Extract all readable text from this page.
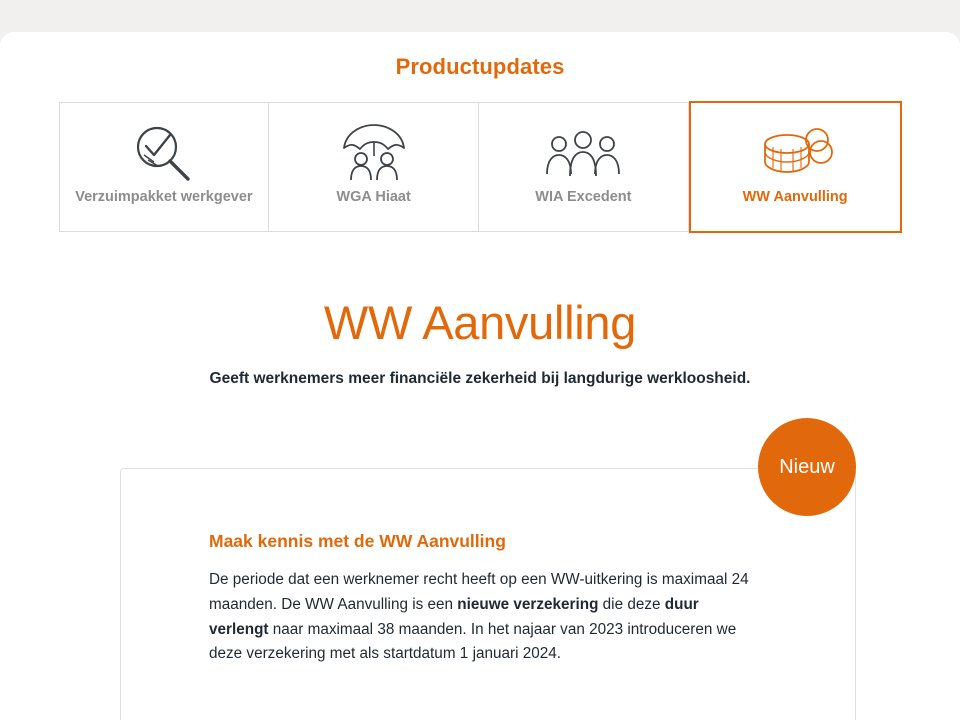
Productupdates
Verzuimpakket werkgever	WGA Hiaat	WIA Excedent	WW Aanvulling
WW Aanvulling
Geeft werknemers meer financiële zekerheid bij langdurige werkloosheid.
Nieuw
Maak kennis met de WW Aanvulling
De periode dat een werknemer recht heeft op een WW-uitkering is maximaal 24 maanden. De WW Aanvulling is een nieuwe verzekering die deze duur verlengt naar maximaal 38 maanden. In het najaar van 2023 introduceren we deze verzekering met als startdatum 1 januari 2024.
